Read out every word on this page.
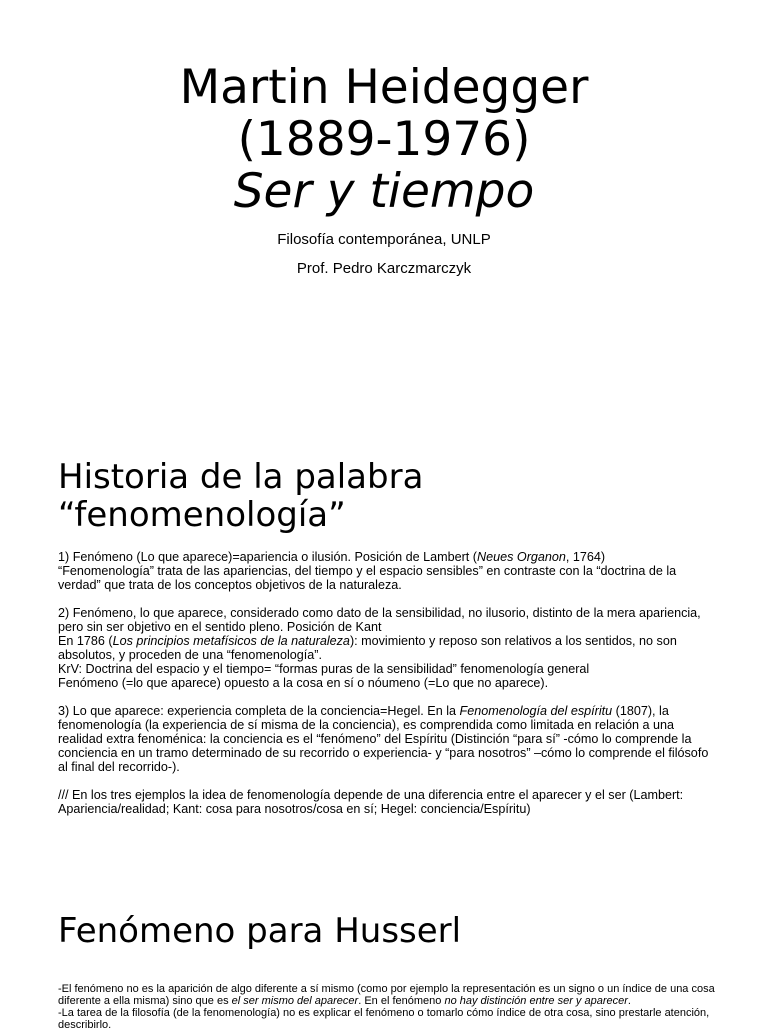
Martin Heidegger
(1889-1976)
Ser y tiempo
Filosofía contemporánea, UNLP
Prof. Pedro Karczmarczyk
Historia de la palabra
“fenomenología”

1) Fenómeno (Lo que aparece)=apariencia o ilusión. Posición de Lambert (Neues Organon, 1764)
“Fenomenología” trata de las apariencias, del tiempo y el espacio sensibles” en contraste con la “doctrina de la verdad” que trata de los conceptos objetivos de la naturaleza.

2) Fenómeno, lo que aparece, considerado como dato de la sensibilidad, no ilusorio, distinto de la mera apariencia, pero sin ser objetivo en el sentido pleno. Posición de Kant
En 1786 (Los principios metafísicos de la naturaleza): movimiento y reposo son relativos a los sentidos, no son absolutos, y proceden de una “fenomenología”.
KrV: Doctrina del espacio y el tiempo= “formas puras de la sensibilidad” fenomenología general
Fenómeno (=lo que aparece) opuesto a la cosa en sí o nóumeno (=Lo que no aparece).

3) Lo que aparece: experiencia completa de la conciencia=Hegel. En la Fenomenología del espíritu (1807), la fenomenología (la experiencia de sí misma de la conciencia), es comprendida como limitada en relación a una realidad extra fenoménica: la conciencia es el “fenómeno” del Espíritu (Distinción “para sí” -cómo lo comprende la conciencia en un tramo determinado de su recorrido o experiencia- y “para nosotros” –cómo lo comprende el filósofo al final del recorrido-).

/// En los tres ejemplos la idea de fenomenología depende de una diferencia entre el aparecer y el ser (Lambert: Apariencia/realidad; Kant: cosa para nosotros/cosa en sí; Hegel: conciencia/Espíritu)

Fenómeno para Husserl
-El fenómeno no es la aparición de algo diferente a sí mismo (como por ejemplo la representación es un signo o un índice de una cosa diferente a ella misma) sino que es el ser mismo del aparecer. En el fenómeno no hay distinción entre ser y aparecer.
-La tarea de la filosofía (de la fenomenología) no es explicar el fenómeno o tomarlo cómo índice de otra cosa, sino prestarle atención, describirlo.
